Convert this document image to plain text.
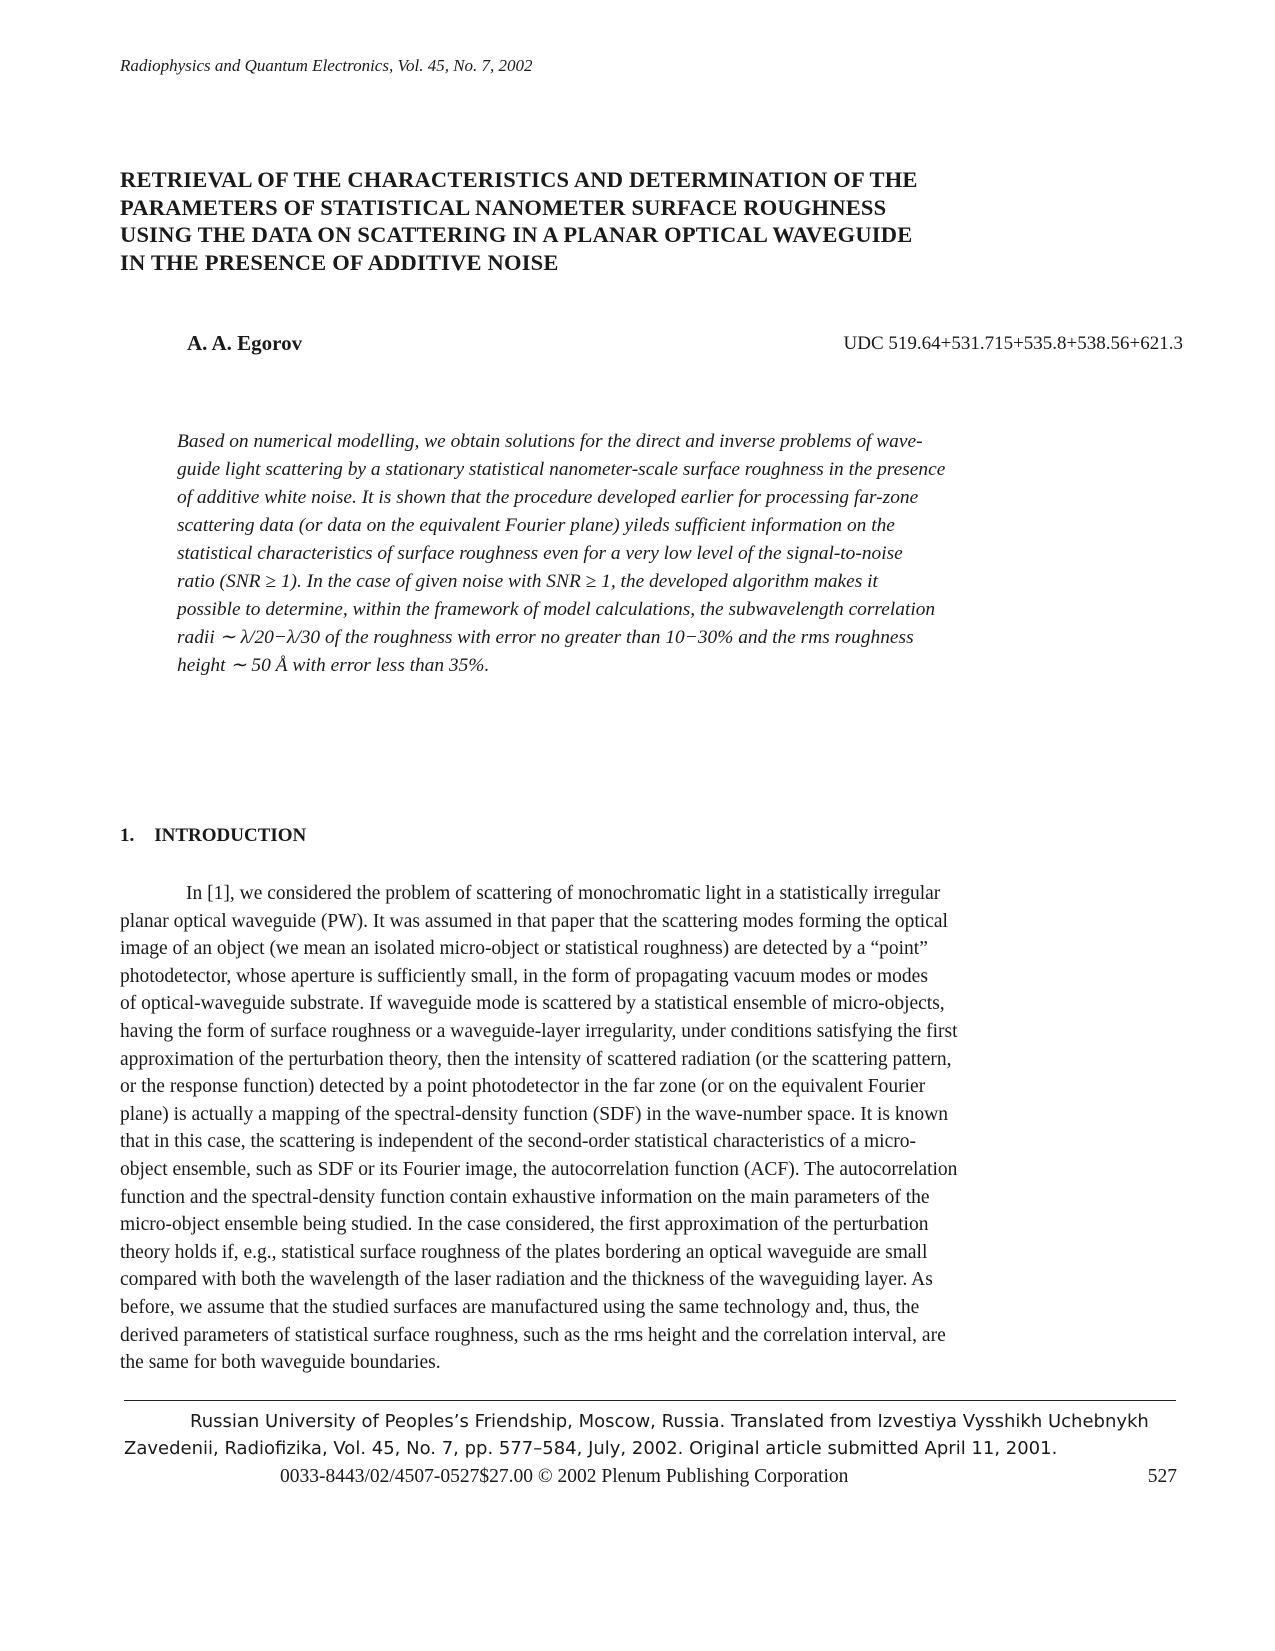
Radiophysics and Quantum Electronics, Vol. 45, No. 7, 2002
RETRIEVAL OF THE CHARACTERISTICS AND DETERMINATION OF THE
PARAMETERS OF STATISTICAL NANOMETER SURFACE ROUGHNESS
USING THE DATA ON SCATTERING IN A PLANAR OPTICAL WAVEGUIDE
IN THE PRESENCE OF ADDITIVE NOISE
A. A. Egorov	UDC 519.64+531.715+535.8+538.56+621.3
Based on numerical modelling, we obtain solutions for the direct and inverse problems of wave-
guide light scattering by a stationary statistical nanometer-scale surface roughness in the presence
of additive white noise. It is shown that the procedure developed earlier for processing far-zone
scattering data (or data on the equivalent Fourier plane) yileds sufficient information on the
statistical characteristics of surface roughness even for a very low level of the signal-to-noise
ratio (SNR ≥ 1). In the case of given noise with SNR ≥ 1, the developed algorithm makes it
possible to determine, within the framework of model calculations, the subwavelength correlation
radii ∼ λ/20−λ/30 of the roughness with error no greater than 10−30% and the rms roughness
height ∼ 50 Å with error less than 35%.
1. INTRODUCTION
In [1], we considered the problem of scattering of monochromatic light in a statistically irregular
planar optical waveguide (PW). It was assumed in that paper that the scattering modes forming the optical
image of an object (we mean an isolated micro-object or statistical roughness) are detected by a “point”
photodetector, whose aperture is sufficiently small, in the form of propagating vacuum modes or modes
of optical-waveguide substrate. If waveguide mode is scattered by a statistical ensemble of micro-objects,
having the form of surface roughness or a waveguide-layer irregularity, under conditions satisfying the first
approximation of the perturbation theory, then the intensity of scattered radiation (or the scattering pattern,
or the response function) detected by a point photodetector in the far zone (or on the equivalent Fourier
plane) is actually a mapping of the spectral-density function (SDF) in the wave-number space. It is known
that in this case, the scattering is independent of the second-order statistical characteristics of a micro-
object ensemble, such as SDF or its Fourier image, the autocorrelation function (ACF). The autocorrelation
function and the spectral-density function contain exhaustive information on the main parameters of the
micro-object ensemble being studied. In the case considered, the first approximation of the perturbation
theory holds if, e.g., statistical surface roughness of the plates bordering an optical waveguide are small
compared with both the wavelength of the laser radiation and the thickness of the waveguiding layer. As
before, we assume that the studied surfaces are manufactured using the same technology and, thus, the
derived parameters of statistical surface roughness, such as the rms height and the correlation interval, are
the same for both waveguide boundaries.
Russian University of Peoples’s Friendship, Moscow, Russia. Translated from Izvestiya Vysshikh Uchebnykh
Zavedenii, Radiofizika, Vol. 45, No. 7, pp. 577–584, July, 2002. Original article submitted April 11, 2001.
0033-8443/02/4507-0527$27.00 © 2002 Plenum Publishing Corporation	527
